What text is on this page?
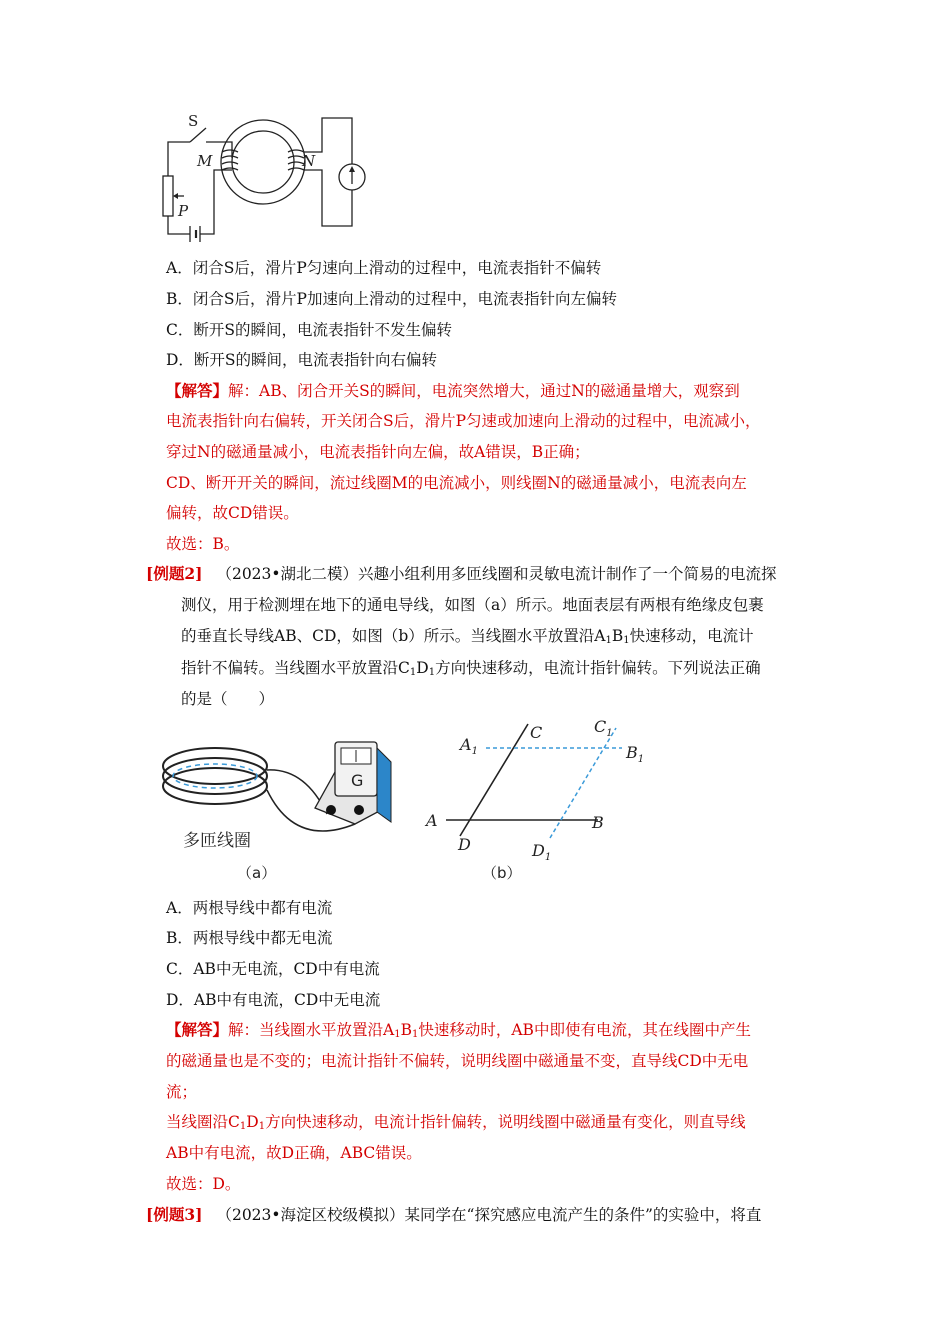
S
M	N
P
A．闭合S后，滑片P匀速向上滑动的过程中，电流表指针不偏转
B．闭合S后，滑片P加速向上滑动的过程中，电流表指针向左偏转
C．断开S的瞬间，电流表指针不发生偏转
D．断开S的瞬间，电流表指针向右偏转
【解答】解：AB、闭合开关S的瞬间，电流突然增大，通过N的磁通量增大，观察到
电流表指针向右偏转，开关闭合S后，滑片P匀速或加速向上滑动的过程中，电流减小，
穿过N的磁通量减小，电流表指针向左偏，故A错误，B正确；
CD、断开开关的瞬间，流过线圈M的电流减小，则线圈N的磁通量减小，电流表向左
偏转，故CD错误。
故选：B。
[例题2] （2023•湖北二模）兴趣小组利用多匝线圈和灵敏电流计制作了一个简易的电流探
测仪，用于检测埋在地下的通电导线，如图（a）所示。地面表层有两根有绝缘皮包裹
的垂直长导线AB、CD，如图（b）所示。当线圈水平放置沿$A_1B_1$快速移动，电流计
指针不偏转。当线圈水平放置沿$C_1D_1$方向快速移动，电流计指针偏转。下列说法正确
的是（　　）
G
多匝线圈
（a）
$A_1$
C	$C_1$
$B_1$
A	B
D	$D_1$
（b）
A．两根导线中都有电流
B．两根导线中都无电流
C．AB中无电流，CD中有电流
D．AB中有电流，CD中无电流
【解答】解：当线圈水平放置沿$A_1B_1$快速移动时，AB中即使有电流，其在线圈中产生
的磁通量也是不变的；电流计指针不偏转，说明线圈中磁通量不变，直导线CD中无电
流；
当线圈沿$C_1D_1$方向快速移动，电流计指针偏转，说明线圈中磁通量有变化，则直导线
AB中有电流，故D正确，ABC错误。
故选：D。
[例题3] （2023•海淀区校级模拟）某同学在“探究感应电流产生的条件”的实验中，将直
